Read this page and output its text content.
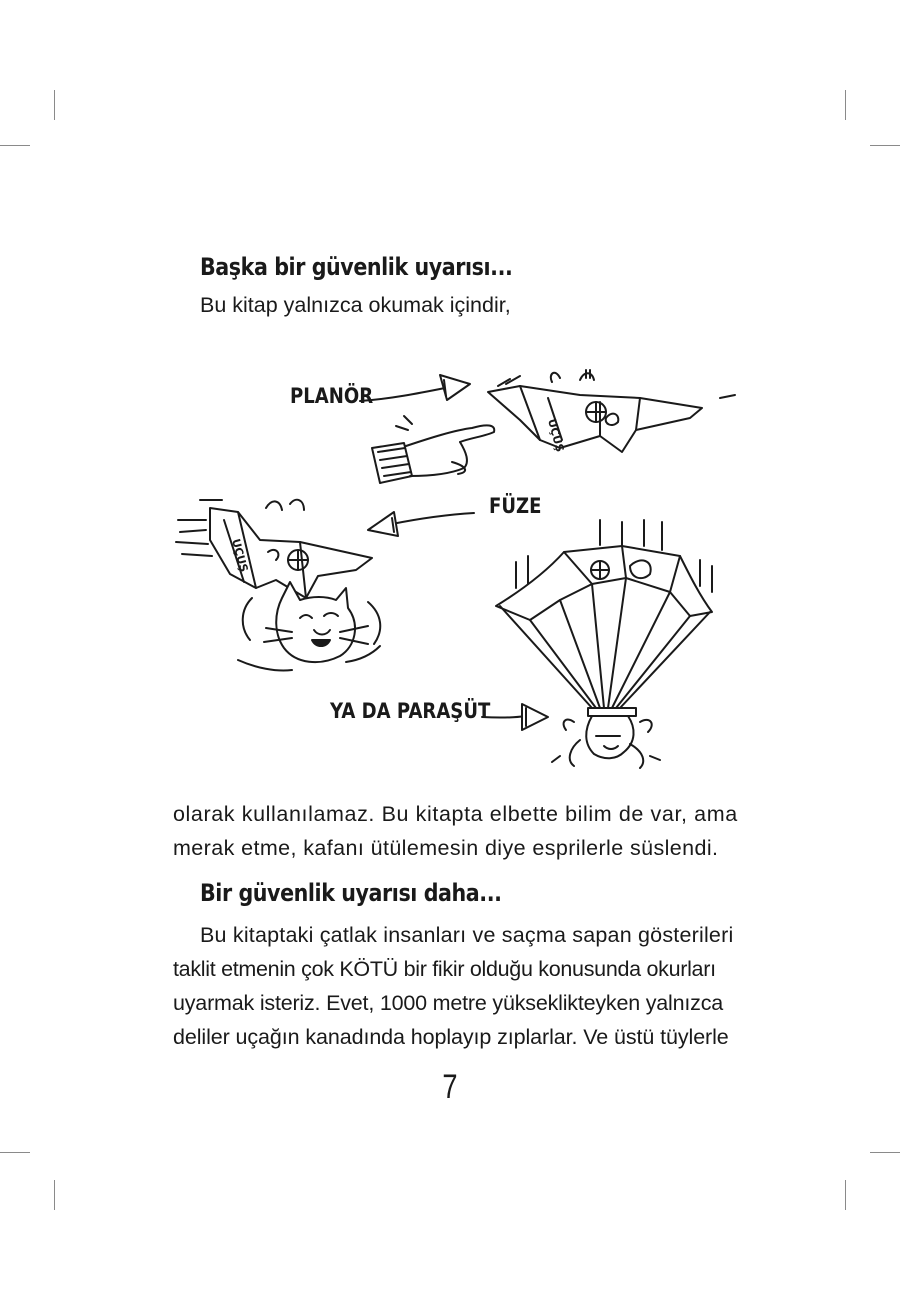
Başka bir güvenlik uyarısı...
Bu kitap yalnızca okumak içindir,
UÇUŞ
UÇUŞ
PLANÖR
FÜZE
YA DA PARAŞÜT
olarak kullanılamaz. Bu kitapta elbette bilim de var, ama
merak etme, kafanı ütülemesin diye esprilerle süslendi.
Bir güvenlik uyarısı daha...
Bu kitaptaki çatlak insanları ve saçma sapan gösterileri
taklit etmenin çok KÖTÜ bir fikir olduğu konusunda okurları
uyarmak isteriz. Evet, 1000 metre yükseklikteyken yalnızca
deliler uçağın kanadında hoplayıp zıplarlar. Ve üstü tüylerle
7
